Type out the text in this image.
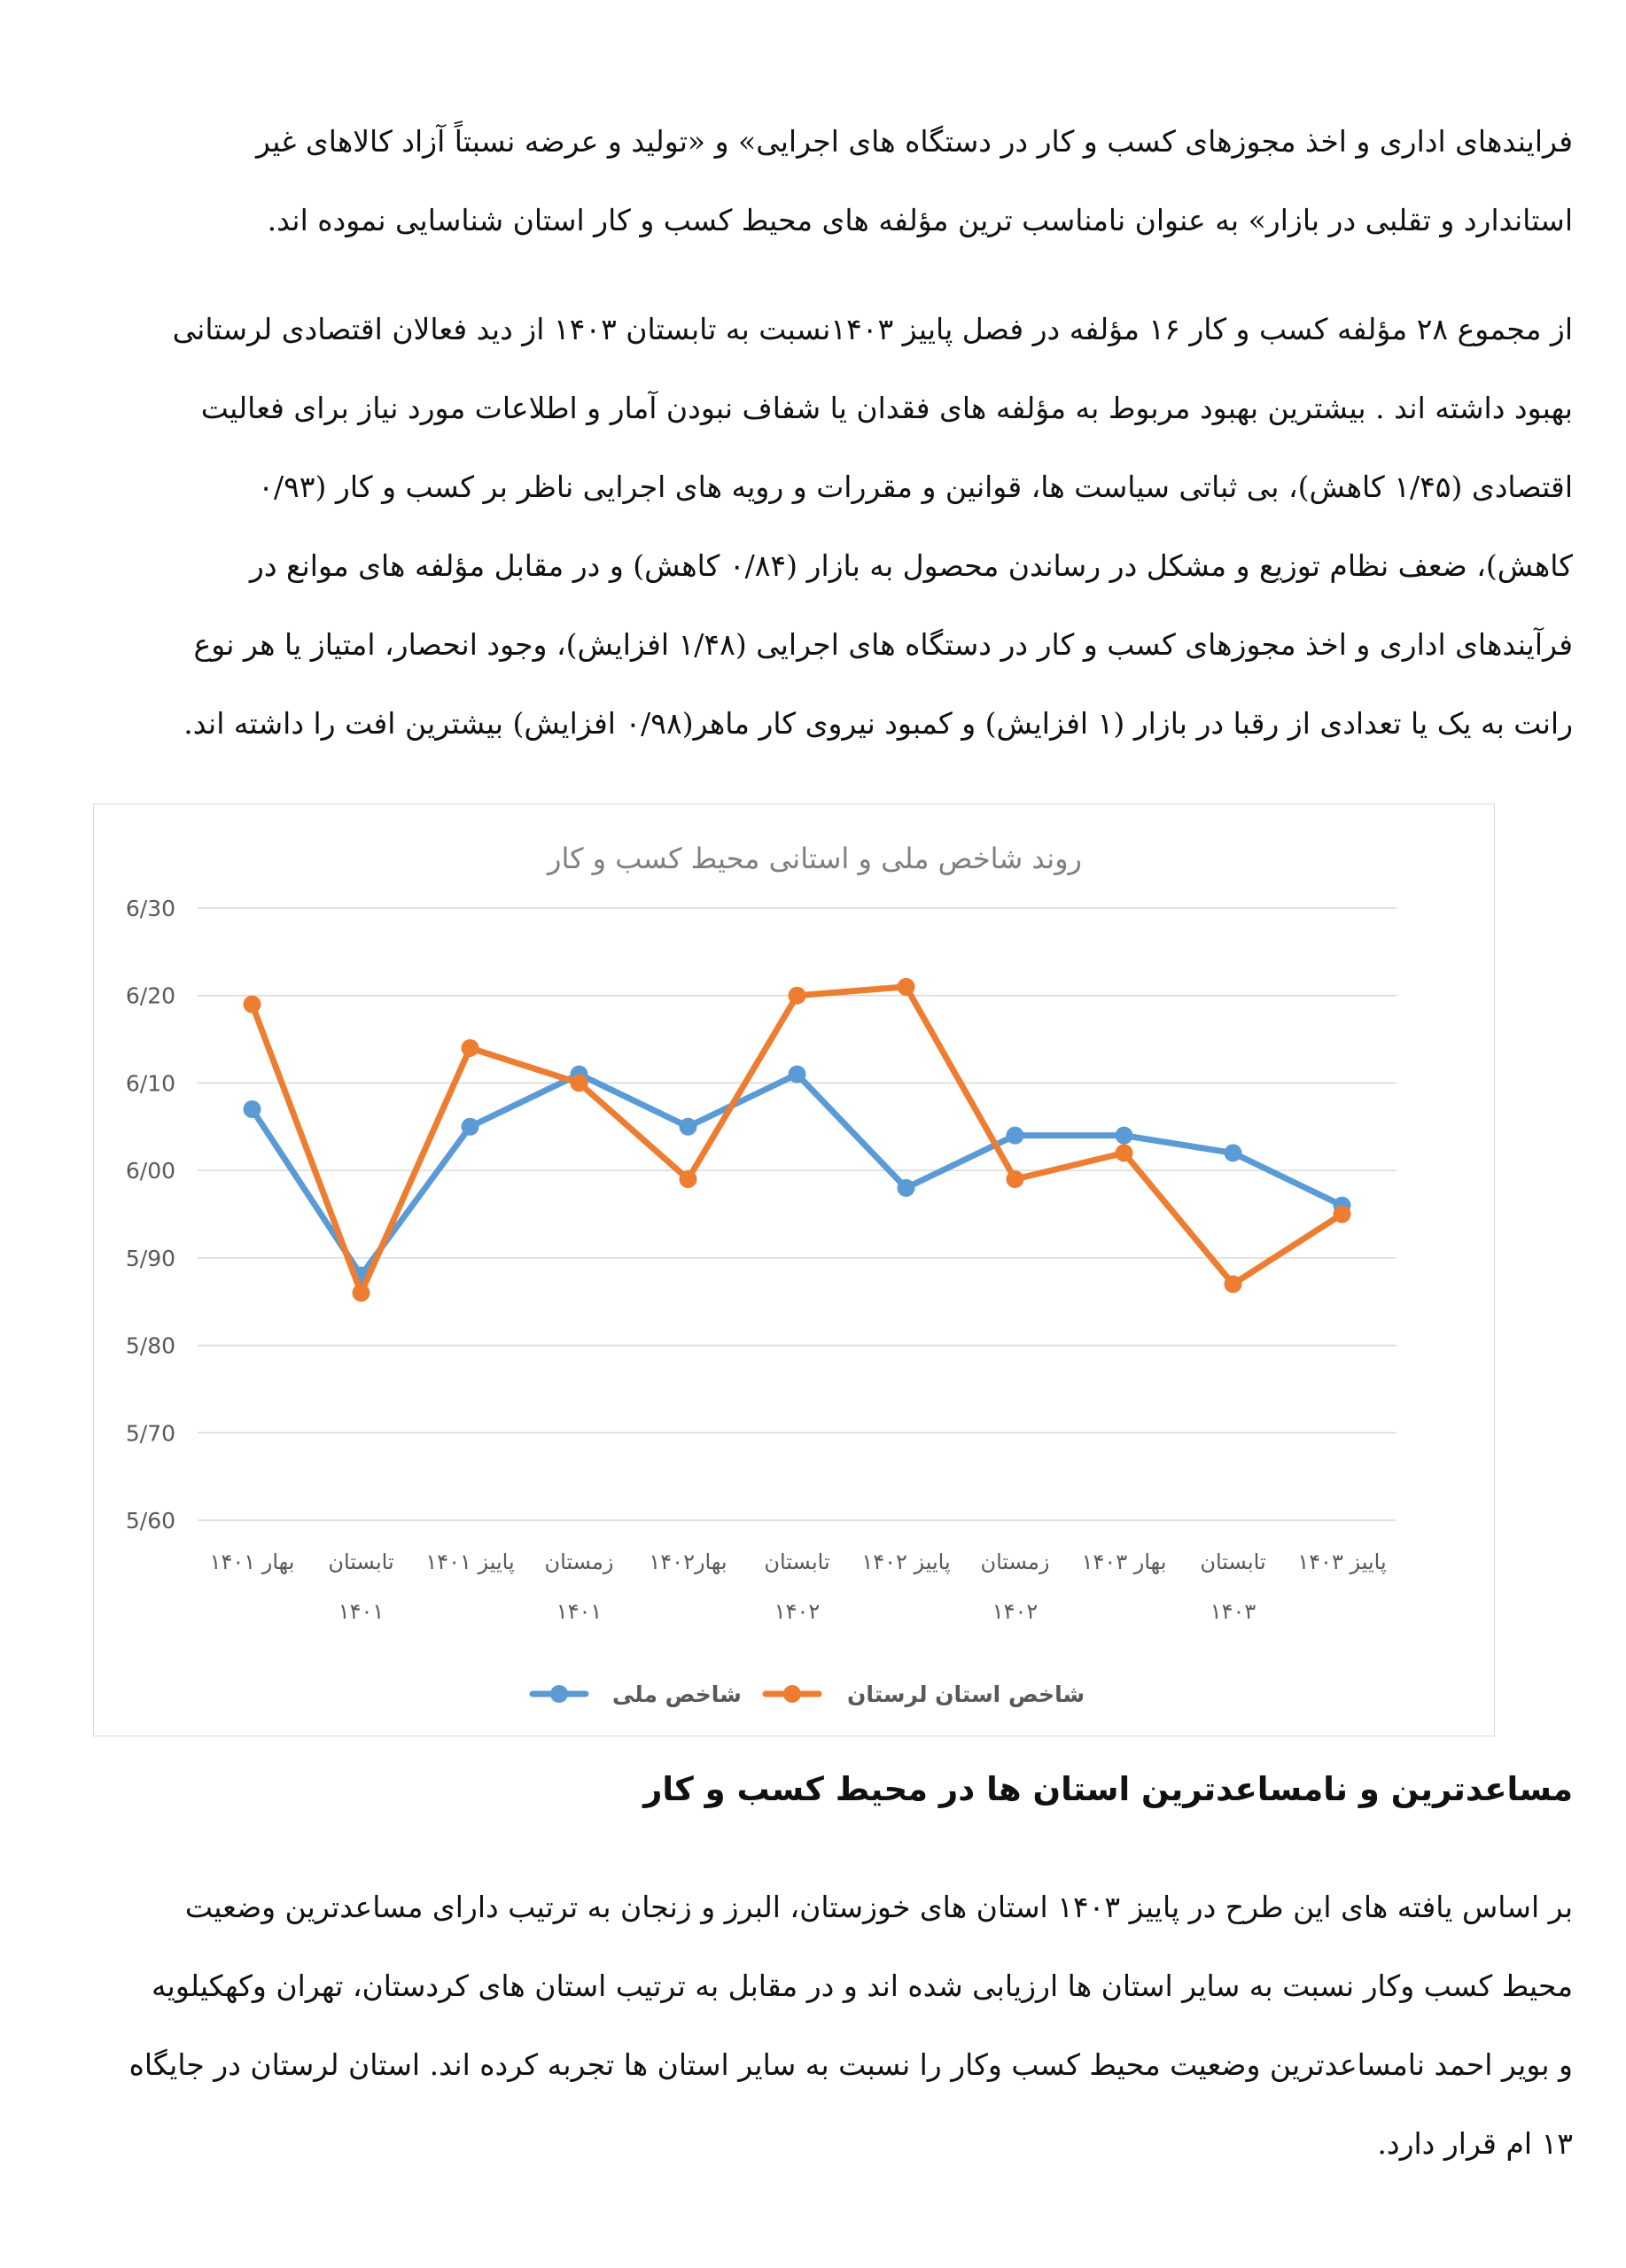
فرایندهای اداری و اخذ مجوزهای کسب و کار در دستگاه های اجرایی» و «تولید و عرضه نسبتاً آزاد کالاهای غیر

استاندارد و تقلبی در بازار» به عنوان نامناسب ترین مؤلفه های محیط کسب و کار استان شناسایی نموده اند.

از مجموع ۲۸ مؤلفه کسب و کار ۱۶ مؤلفه در فصل پاییز ۱۴۰۳نسبت به تابستان ۱۴۰۳ از دید فعالان اقتصادی لرستانی

بهبود داشته اند . بیشترین بهبود مربوط به مؤلفه های فقدان یا شفاف نبودن آمار و اطلاعات مورد نیاز برای فعالیت

اقتصادی (۱/۴۵ کاهش)، بی ثباتی سیاست ها، قوانین و مقررات و رویه های اجرایی ناظر بر کسب و کار (۰/۹۳

کاهش)، ضعف نظام توزیع و مشکل در رساندن محصول به بازار (۰/۸۴ کاهش) و در مقابل مؤلفه های موانع در

فرآیندهای اداری و اخذ مجوزهای کسب و کار در دستگاه های اجرایی (۱/۴۸ افزایش)، وجود انحصار، امتیاز یا هر نوع

رانت به یک یا تعدادی از رقبا در بازار (۱ افزایش) و کمبود نیروی کار ماهر(۰/۹۸ افزایش) بیشترین افت را داشته اند.

روند شاخص ملی و استانی محیط کسب و کار
6/30
6/20
6/10
6/00
5/90
5/80
5/70
5/60
بهار ۱۴۰۱ تابستان
۱۴۰۱
پاییز ۱۴۰۱ زمستان
۱۴۰۱
بهار۱۴۰۲ تابستان
۱۴۰۲
پاییز ۱۴۰۲ زمستان
۱۴۰۲
بهار ۱۴۰۳ تابستان
۱۴۰۳
پاییز ۱۴۰۳
شاخص ملی	شاخص استان لرستان
مساعدترین و نامساعدترین استان ها در محیط کسب و کار

بر اساس یافته های این طرح در پاییز ۱۴۰۳ استان های خوزستان، البرز و زنجان به ترتیب دارای مساعدترین وضعیت

محیط کسب وکار نسبت به سایر استان ها ارزیابی شده اند و در مقابل به ترتیب استان های کردستان، تهران وکهکیلویه

و بویر احمد نامساعدترین وضعیت محیط کسب وکار را نسبت به سایر استان ها تجربه کرده اند. استان لرستان در جایگاه

۱۳ ام قرار دارد.
